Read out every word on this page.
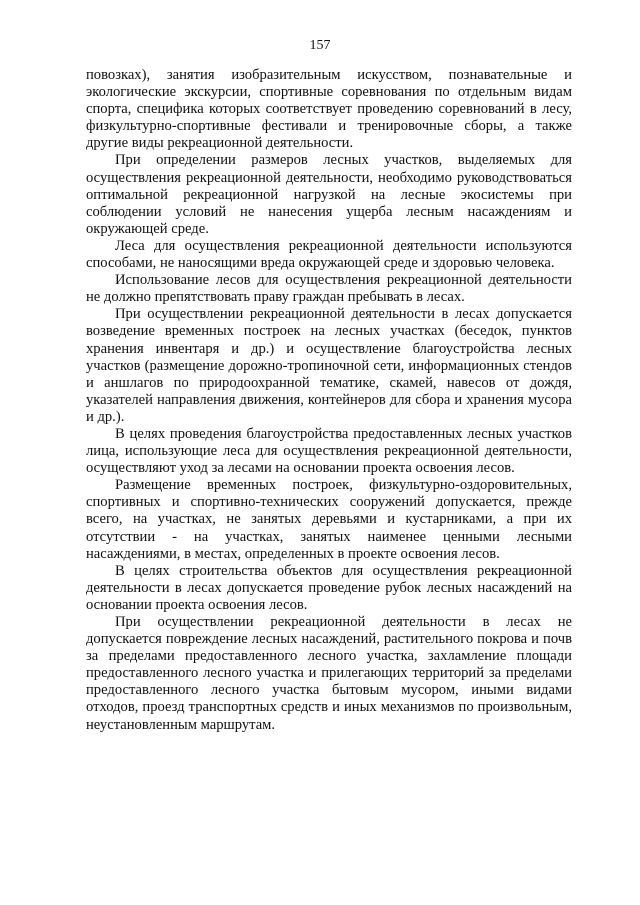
157

повозках), занятия изобразительным искусством, познавательные и экологические экскурсии, спортивные соревнования по отдельным видам спорта, специфика которых соответствует проведению соревнований в лесу, физкультурно-спортивные фестивали и тренировочные сборы, а также другие виды рекреационной деятельности.

При определении размеров лесных участков, выделяемых для осуществления рекреационной деятельности, необходимо руководствоваться оптимальной рекреационной нагрузкой на лесные экосистемы при соблюдении условий не нанесения ущерба лесным насаждениям и окружающей среде.

Леса для осуществления рекреационной деятельности используются способами, не наносящими вреда окружающей среде и здоровью человека.

Использование лесов для осуществления рекреационной деятельности не должно препятствовать праву граждан пребывать в лесах.

При осуществлении рекреационной деятельности в лесах допускается возведение временных построек на лесных участках (беседок, пунктов хранения инвентаря и др.) и осуществление благоустройства лесных участков (размещение дорожно-тропиночной сети, информационных стендов и аншлагов по природоохранной тематике, скамей, навесов от дождя, указателей направления движения, контейнеров для сбора и хранения мусора и др.).

В целях проведения благоустройства предоставленных лесных участков лица, использующие леса для осуществления рекреационной деятельности, осуществляют уход за лесами на основании проекта освоения лесов.

Размещение временных построек, физкультурно-оздоровительных, спортивных и спортивно-технических сооружений допускается, прежде всего, на участках, не занятых деревьями и кустарниками, а при их отсутствии - на участках, занятых наименее ценными лесными насаждениями, в местах, определенных в проекте освоения лесов.

В целях строительства объектов для осуществления рекреационной деятельности в лесах допускается проведение рубок лесных насаждений на основании проекта освоения лесов.

При осуществлении рекреационной деятельности в лесах не допускается повреждение лесных насаждений, растительного покрова и почв за пределами предоставленного лесного участка, захламление площади предоставленного лесного участка и прилегающих территорий за пределами предоставленного лесного участка бытовым мусором, иными видами отходов, проезд транспортных средств и иных механизмов по произвольным, неустановленным маршрутам.
